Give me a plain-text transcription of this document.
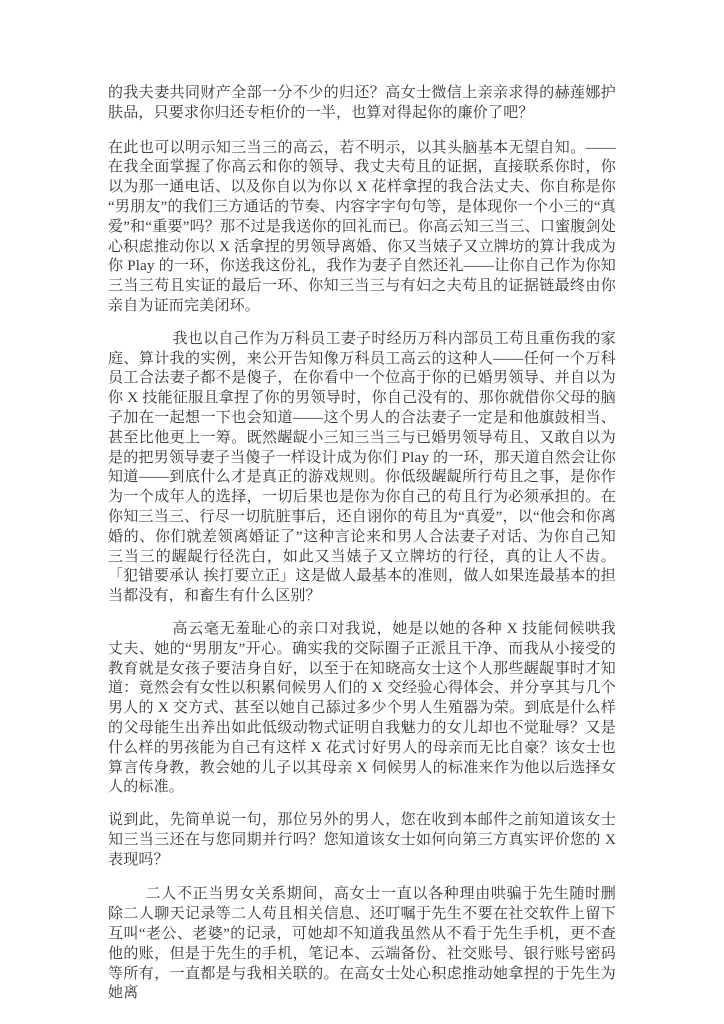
的我夫妻共同财产全部一分不少的归还？高女士微信上亲亲求得的赫莲娜护肤品，只要求你归还专柜价的一半，也算对得起你的廉价了吧？

在此也可以明示知三当三的高云，若不明示，以其头脑基本无望自知。——在我全面掌握了你高云和你的领导、我丈夫苟且的证据，直接联系你时，你以为那一通电话、以及你自以为你以 X 花样拿捏的我合法丈夫、你自称是你“男朋友”的我们三方通话的节奏、内容字字句句等，是体现你一个小三的“真爱”和“重要”吗？那不过是我送你的回礼而已。你高云知三当三、口蜜腹剑处心积虑推动你以 X 活拿捏的男领导离婚、你又当婊子又立牌坊的算计我成为你 Play 的一环，你送我这份礼，我作为妻子自然还礼——让你自己作为你知三当三苟且实证的最后一环、你知三当三与有妇之夫苟且的证据链最终由你亲自为证而完美闭环。

我也以自己作为万科员工妻子时经历万科内部员工苟且重伤我的家庭、算计我的实例，来公开告知像万科员工高云的这种人——任何一个万科员工合法妻子都不是傻子，在你看中一个位高于你的已婚男领导、并自以为你 X 技能征服且拿捏了你的男领导时，你自己没有的、那你就借你父母的脑子加在一起想一下也会知道——这个男人的合法妻子一定是和他旗鼓相当、甚至比他更上一筹。既然龌龊小三知三当三与已婚男领导苟且、又敢自以为是的把男领导妻子当傻子一样设计成为你们 Play 的一环，那天道自然会让你知道——到底什么才是真正的游戏规则。你低级龌龊所行苟且之事，是你作为一个成年人的选择，一切后果也是你为你自己的苟且行为必须承担的。在你知三当三、行尽一切肮脏事后，还自诩你的苟且为“真爱”，以“他会和你离婚的、你们就差领离婚证了”这种言论来和男人合法妻子对话、为你自己知三当三的龌龊行径洗白，如此又当婊子又立牌坊的行径，真的让人不齿。「犯错要承认 挨打要立正」这是做人最基本的准则，做人如果连最基本的担当都没有，和畜生有什么区别？

高云毫无羞耻心的亲口对我说，她是以她的各种 X 技能伺候哄我丈夫、她的“男朋友”开心。确实我的交际圈子正派且干净、而我从小接受的教育就是女孩子要洁身自好，以至于在知晓高女士这个人那些龌龊事时才知道：竟然会有女性以积累伺候男人们的 X 交经验心得体会、并分享其与几个男人的 X 交方式、甚至以她自己舔过多少个男人生殖器为荣。到底是什么样的父母能生出养出如此低级动物式证明自我魅力的女儿却也不觉耻辱？又是什么样的男孩能为自己有这样 X 花式讨好男人的母亲而无比自豪？该女士也算言传身教，教会她的儿子以其母亲 X 伺候男人的标准来作为他以后选择女人的标准。

说到此，先简单说一句，那位另外的男人，您在收到本邮件之前知道该女士知三当三还在与您同期并行吗？您知道该女士如何向第三方真实评价您的 X 表现吗？

二人不正当男女关系期间，高女士一直以各种理由哄骗于先生随时删除二人聊天记录等二人苟且相关信息、还叮嘱于先生不要在社交软件上留下互叫“老公、老婆”的记录，可她却不知道我虽然从不看于先生手机，更不查他的账，但是于先生的手机，笔记本、云端备份、社交账号、银行账号密码等所有，一直都是与我相关联的。在高女士处心积虑推动她拿捏的于先生为她离
